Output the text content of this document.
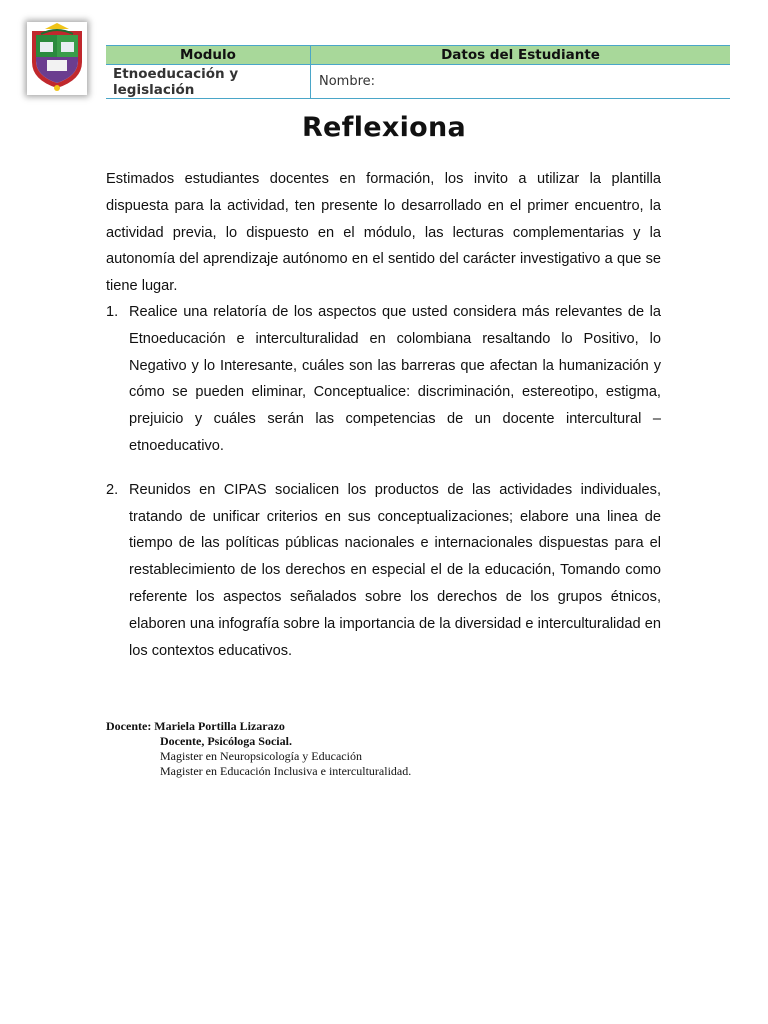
Modulo	Datos del Estudiante
Etnoeducación y
legislación	Nombre:
Reflexiona

Estimados estudiantes docentes en formación, los invito a utilizar la plantilla dispuesta para la actividad, ten presente lo desarrollado en el primer encuentro, la actividad previa, lo dispuesto en el módulo, las lecturas complementarias y la autonomía del aprendizaje autónomo en el sentido del carácter investigativo a que se tiene lugar.

1. Realice una relatoría de los aspectos que usted considera más relevantes de la Etnoeducación e interculturalidad en colombiana resaltando lo Positivo, lo Negativo y lo Interesante, cuáles son las barreras que afectan la humanización y cómo se pueden eliminar, Conceptualice: discriminación, estereotipo, estigma, prejuicio y cuáles serán las competencias de un docente intercultural – etnoeducativo.
2. Reunidos en CIPAS socialicen los productos de las actividades individuales, tratando de unificar criterios en sus conceptualizaciones; elabore una linea de tiempo de las políticas públicas nacionales e internacionales dispuestas para el restablecimiento de los derechos en especial el de la educación, Tomando como referente los aspectos señalados sobre los derechos de los grupos étnicos, elaboren una infografía sobre la importancia de la diversidad e interculturalidad en los contextos educativos.
Docente: Mariela Portilla Lizarazo
Docente, Psicóloga Social.
Magister en Neuropsicología y Educación
Magister en Educación Inclusiva e interculturalidad.
